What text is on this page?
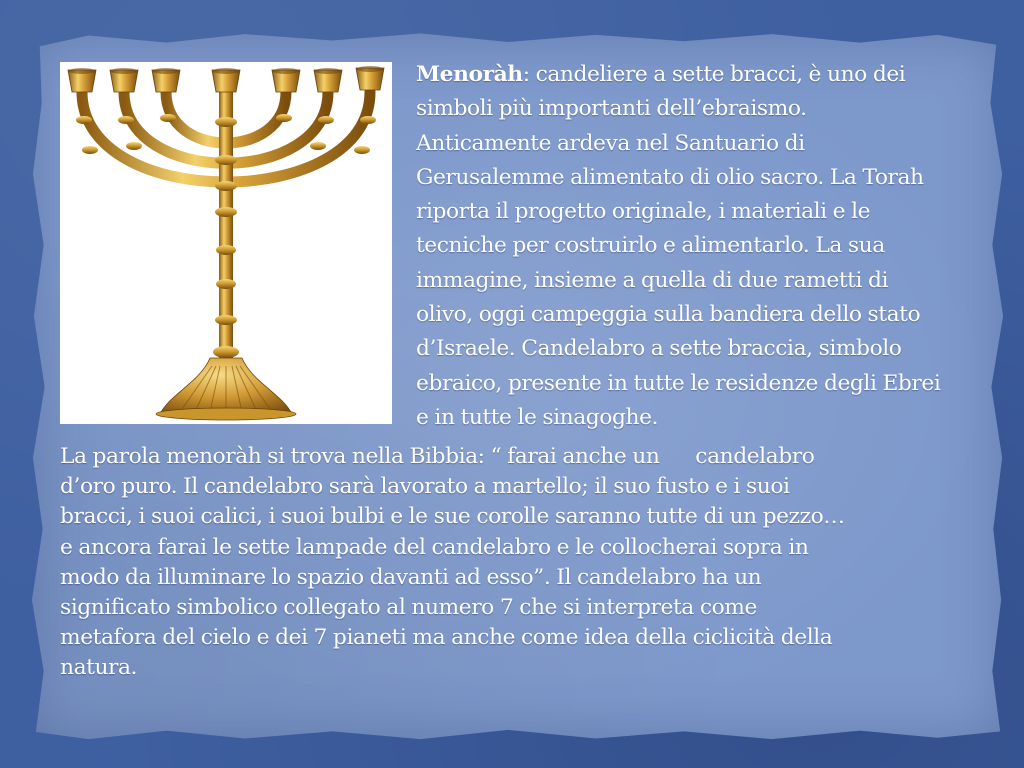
Menoràh: candeliere a sette bracci, è uno dei

simboli più importanti dell’ebraismo.

Anticamente ardeva nel Santuario di

Gerusalemme alimentato di olio sacro. La Torah

riporta il progetto originale, i materiali e le

tecniche per costruirlo e alimentarlo. La sua

immagine, insieme a quella di due rametti di

olivo, oggi campeggia sulla bandiera dello stato

d’Israele. Candelabro a sette braccia, simbolo

ebraico, presente in tutte le residenze degli Ebrei

e in tutte le sinagoghe.

La parola menoràh si trova nella Bibbia: “ farai anche un      candelabro

d’oro puro. Il candelabro sarà lavorato a martello; il suo fusto e i suoi

bracci, i suoi calici, i suoi bulbi e le sue corolle saranno tutte di un pezzo…

e ancora farai le sette lampade del candelabro e le collocherai sopra in

modo da illuminare lo spazio davanti ad esso”. Il candelabro ha un

significato simbolico collegato al numero 7 che si interpreta come

metafora del cielo e dei 7 pianeti ma anche come idea della ciclicità della

natura.
